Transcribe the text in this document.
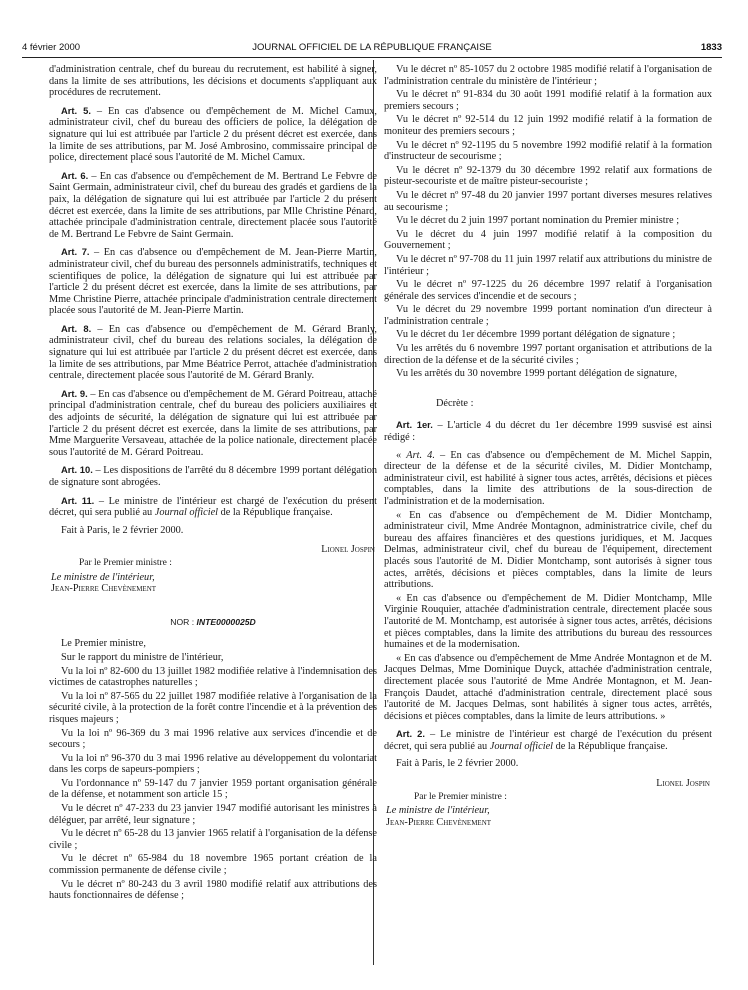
4 février 2000	JOURNAL OFFICIEL DE LA RÉPUBLIQUE FRANÇAISE	1833

d'administration centrale, chef du bureau du recrutement, est habilité à signer, dans la limite de ses attributions, les décisions et documents s'appliquant aux procédures de recrutement.

Art. 5. – En cas d'absence ou d'empêchement de M. Michel Camux, administrateur civil, chef du bureau des officiers de police, la délégation de signature qui lui est attribuée par l'article 2 du présent décret est exercée, dans la limite de ses attributions, par M. José Ambrosino, commissaire principal de police, directement placé sous l'autorité de M. Michel Camux.

Art. 6. – En cas d'absence ou d'empêchement de M. Bertrand Le Febvre de Saint Germain, administrateur civil, chef du bureau des gradés et gardiens de la paix, la délégation de signature qui lui est attribuée par l'article 2 du présent décret est exercée, dans la limite de ses attributions, par Mlle Christine Pénard, attachée principale d'administration centrale, directement placée sous l'autorité de M. Bertrand Le Febvre de Saint Germain.

Art. 7. – En cas d'absence ou d'empêchement de M. Jean-Pierre Martin, administrateur civil, chef du bureau des personnels administratifs, techniques et scientifiques de police, la délégation de signature qui lui est attribuée par l'article 2 du présent décret est exercée, dans la limite de ses attributions, par Mme Christine Pierre, attachée principale d'administration centrale directement placée sous l'autorité de M. Jean-Pierre Martin.

Art. 8. – En cas d'absence ou d'empêchement de M. Gérard Branly, administrateur civil, chef du bureau des relations sociales, la délégation de signature qui lui est attribuée par l'article 2 du présent décret est exercée, dans la limite de ses attributions, par Mme Béatrice Perrot, attachée d'administration centrale, directement placée sous l'autorité de M. Gérard Branly.

Art. 9. – En cas d'absence ou d'empêchement de M. Gérard Poitreau, attaché principal d'administration centrale, chef du bureau des policiers auxiliaires et des adjoints de sécurité, la délégation de signature qui lui est attribuée par l'article 2 du présent décret est exercée, dans la limite de ses attributions, par Mme Marguerite Versaveau, attachée de la police nationale, directement placée sous l'autorité de M. Gérard Poitreau.

Art. 10. – Les dispositions de l'arrêté du 8 décembre 1999 portant délégation de signature sont abrogées.

Art. 11. – Le ministre de l'intérieur est chargé de l'exécution du présent décret, qui sera publié au Journal officiel de la République française.

Fait à Paris, le 2 février 2000.

Lionel Jospin

Par le Premier ministre :

Le ministre de l'intérieur,

Jean-Pierre Chevènement

NOR : INTE0000025D

Le Premier ministre,

Sur le rapport du ministre de l'intérieur,

Vu la loi nº 82-600 du 13 juillet 1982 modifiée relative à l'indemnisation des victimes de catastrophes naturelles ;

Vu la loi nº 87-565 du 22 juillet 1987 modifiée relative à l'organisation de la sécurité civile, à la protection de la forêt contre l'incendie et à la prévention des risques majeurs ;

Vu la loi nº 96-369 du 3 mai 1996 relative aux services d'incendie et de secours ;

Vu la loi nº 96-370 du 3 mai 1996 relative au développement du volontariat dans les corps de sapeurs-pompiers ;

Vu l'ordonnance nº 59-147 du 7 janvier 1959 portant organisation générale de la défense, et notamment son article 15 ;

Vu le décret nº 47-233 du 23 janvier 1947 modifié autorisant les ministres à déléguer, par arrêté, leur signature ;

Vu le décret nº 65-28 du 13 janvier 1965 relatif à l'organisation de la défense civile ;

Vu le décret nº 65-984 du 18 novembre 1965 portant création de la commission permanente de défense civile ;

Vu le décret nº 80-243 du 3 avril 1980 modifié relatif aux attributions des hauts fonctionnaires de défense ;

Vu le décret nº 85-1057 du 2 octobre 1985 modifié relatif à l'organisation de l'administration centrale du ministère de l'intérieur ;

Vu le décret nº 91-834 du 30 août 1991 modifié relatif à la formation aux premiers secours ;

Vu le décret nº 92-514 du 12 juin 1992 modifié relatif à la formation de moniteur des premiers secours ;

Vu le décret nº 92-1195 du 5 novembre 1992 modifié relatif à la formation d'instructeur de secourisme ;

Vu le décret nº 92-1379 du 30 décembre 1992 relatif aux formations de pisteur-secouriste et de maître pisteur-secouriste ;

Vu le décret nº 97-48 du 20 janvier 1997 portant diverses mesures relatives au secourisme ;

Vu le décret du 2 juin 1997 portant nomination du Premier ministre ;

Vu le décret du 4 juin 1997 modifié relatif à la composition du Gouvernement ;

Vu le décret nº 97-708 du 11 juin 1997 relatif aux attributions du ministre de l'intérieur ;

Vu le décret nº 97-1225 du 26 décembre 1997 relatif à l'organisation générale des services d'incendie et de secours ;

Vu le décret du 29 novembre 1999 portant nomination d'un directeur à l'administration centrale ;

Vu le décret du 1er décembre 1999 portant délégation de signature ;

Vu les arrêtés du 6 novembre 1997 portant organisation et attributions de la direction de la défense et de la sécurité civiles ;

Vu les arrêtés du 30 novembre 1999 portant délégation de signature,

Décrète :

Art. 1er. – L'article 4 du décret du 1er décembre 1999 susvisé est ainsi rédigé :

« Art. 4. – En cas d'absence ou d'empêchement de M. Michel Sappin, directeur de la défense et de la sécurité civiles, M. Didier Montchamp, administrateur civil, est habilité à signer tous actes, arrêtés, décisions et pièces comptables, dans la limite des attributions de la sous-direction de l'administration et de la modernisation.

« En cas d'absence ou d'empêchement de M. Didier Montchamp, administrateur civil, Mme Andrée Montagnon, administratrice civile, chef du bureau des affaires financières et des questions juridiques, et M. Jacques Delmas, administrateur civil, chef du bureau de l'équipement, directement placés sous l'autorité de M. Didier Montchamp, sont autorisés à signer tous actes, arrêtés, décisions et pièces comptables, dans la limite de leurs attributions.

« En cas d'absence ou d'empêchement de M. Didier Montchamp, Mlle Virginie Rouquier, attachée d'administration centrale, directement placée sous l'autorité de M. Montchamp, est autorisée à signer tous actes, arrêtés, décisions et pièces comptables, dans la limite des attributions du bureau des ressources humaines et de la modernisation.

« En cas d'absence ou d'empêchement de Mme Andrée Montagnon et de M. Jacques Delmas, Mme Dominique Duyck, attachée d'administration centrale, directement placée sous l'autorité de Mme Andrée Montagnon, et M. Jean-François Daudet, attaché d'administration centrale, directement placé sous l'autorité de M. Jacques Delmas, sont habilités à signer tous actes, arrêtés, décisions et pièces comptables, dans la limite de leurs attributions. »

Art. 2. – Le ministre de l'intérieur est chargé de l'exécution du présent décret, qui sera publié au Journal officiel de la République française.

Fait à Paris, le 2 février 2000.

Lionel Jospin

Par le Premier ministre :

Le ministre de l'intérieur,

Jean-Pierre Chevènement
